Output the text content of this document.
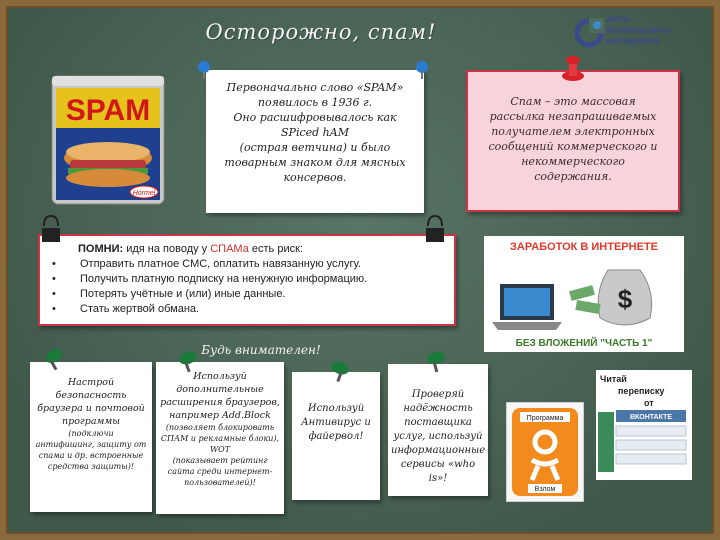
Осторожно, спам!
лига
безопасного
интернета
SPAM
Hormel

Первоначально слово «SPAM»
появилось в 1936 г.
Оно расшифровывалось как
SPiced hAM
(острая ветчина) и было
товарным знаком для мясных
консервов.

Спам – это массовая
рассылка незапрашиваемых
получателем электронных
сообщений коммерческого и
некоммерческого
содержания.

ПОМНИ: идя на поводу у СПАМа есть риск:
• Отправить платное СМС, оплатить навязанную услугу.
• Получить платную подписку на ненужную информацию.
• Потерять учётные и (или) иные данные.
• Стать жертвой обмана.
ЗАРАБОТОК В ИНТЕРНЕТЕ
$
БЕЗ ВЛОЖЕНИЙ "ЧАСТЬ 1"
Будь внимателен!

Настрой
безопасность
браузера и почтовой
программы

(подключи
антифишинг, защиту от
спама и др. встроенные
средства защиты)!

Используй
дополнительные
расширения браузеров,
например Add.Block

(позволяет блокировать
СПАМ и рекламные блоки),
WOT

(показывает рейтинг
сайта среди интернет-
пользователей)!

Используй
Антивирус и
файервол!

Проверяй
надёжность
поставщика
услуг, используй
информационные
сервисы «who is»!

Программа
Взлом
Читай
переписку
от
ВКОНТАКТЕ
